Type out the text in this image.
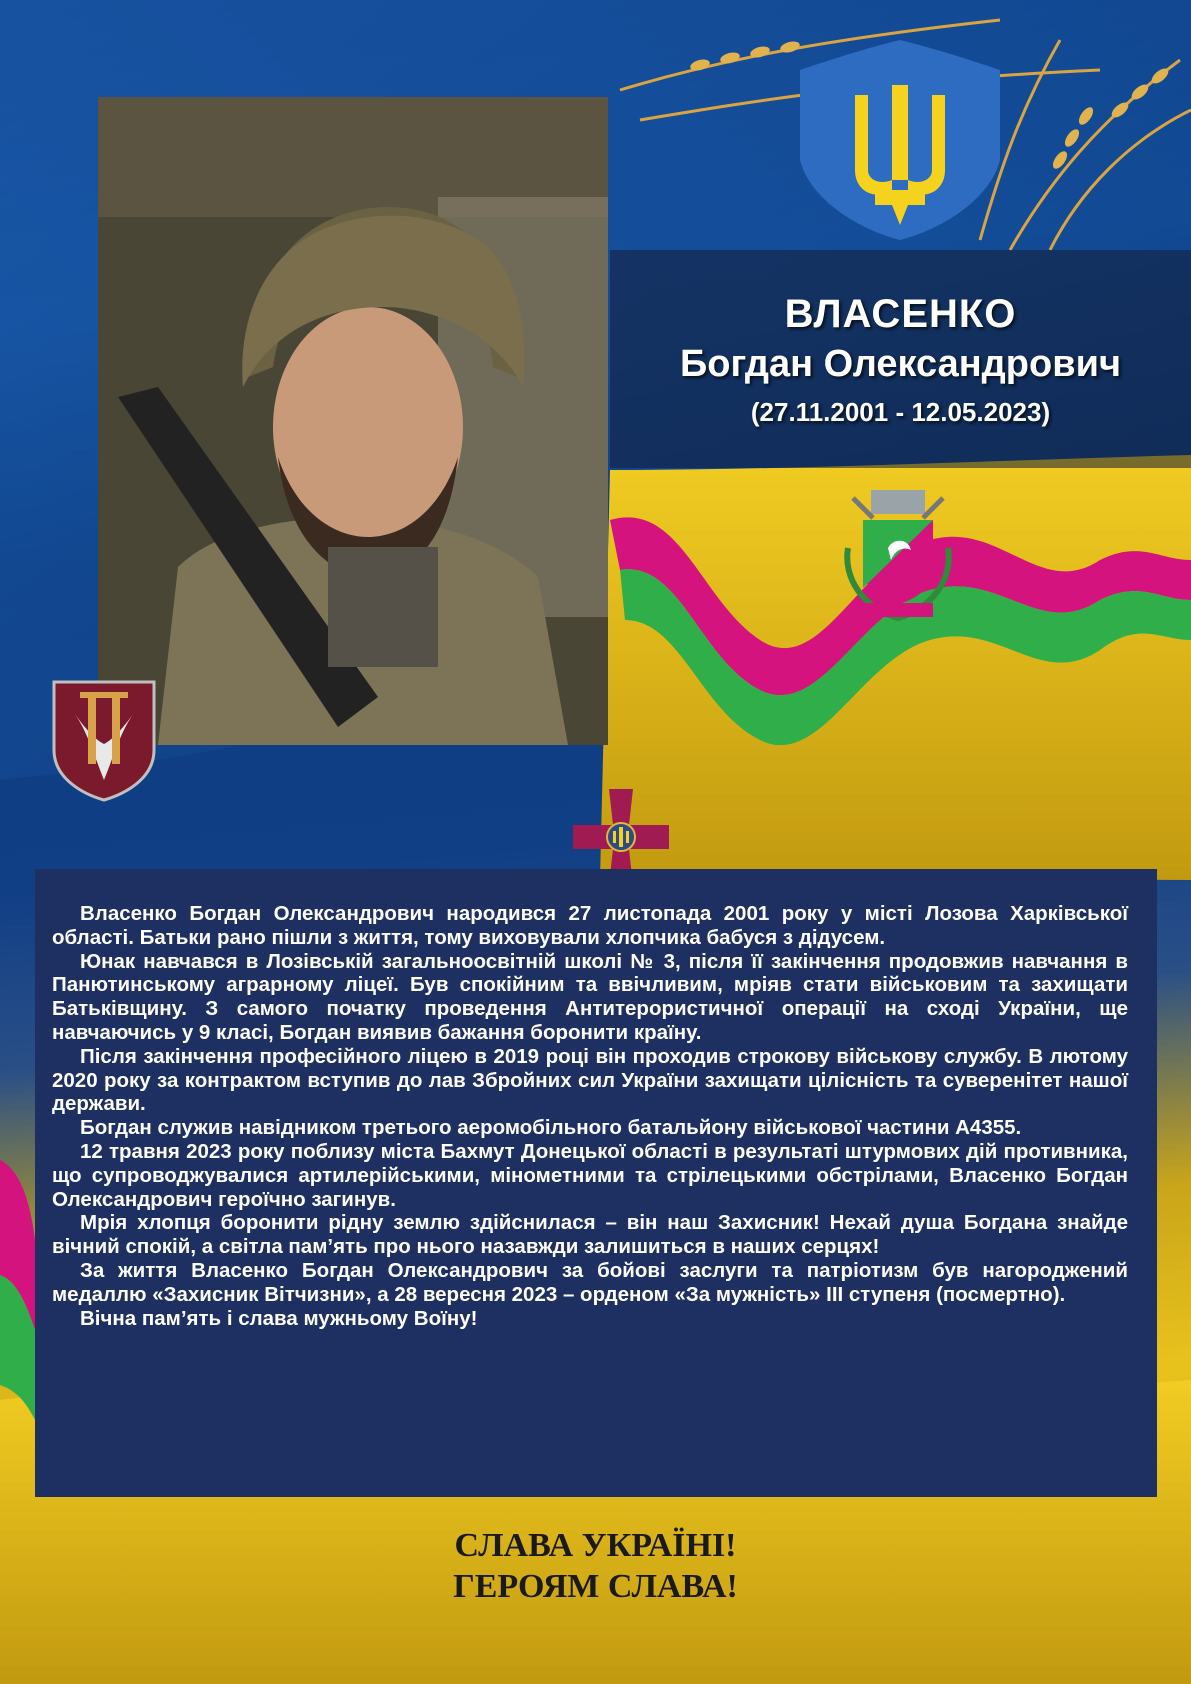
ВЛАСЕНКО
Богдан Олександрович
(27.11.2001 - 12.05.2023)

Власенко Богдан Олександрович народився 27 листопада 2001 року у місті Лозова Харківської області. Батьки рано пішли з життя, тому виховували хлопчика бабуся з дідусем.

Юнак навчався в Лозівській загальноосвітній школі № 3, після її закінчення продовжив навчання в Панютинському аграрному ліцеї. Був спокійним та ввічливим, мріяв стати військовим та захищати Батьківщину. З самого початку проведення Антитерористичної операції на сході України, ще навчаючись у 9 класі, Богдан виявив бажання боронити країну.

Після закінчення професійного ліцею в 2019 році він проходив строкову військову службу. В лютому 2020 року за контрактом вступив до лав Збройних сил України захищати цілісність та суверенітет нашої держави.

Богдан служив навідником третього аеромобільного батальйону військової частини А4355.

12 травня 2023 року поблизу міста Бахмут Донецької області в результаті штурмових дій противника, що супроводжувалися артилерійськими, мінометними та стрілецькими обстрілами, Власенко Богдан Олександрович героїчно загинув.

Мрія хлопця боронити рідну землю здійснилася – він наш Захисник! Нехай душа Богдана знайде вічний спокій, а світла пам’ять про нього назавжди залишиться в наших серцях!

За життя Власенко Богдан Олександрович за бойові заслуги та патріотизм був нагороджений медаллю «Захисник Вітчизни», а 28 вересня 2023 – орденом «За мужність» ІІІ ступеня (посмертно).

Вічна пам’ять і слава мужньому Воїну!

СЛАВА УКРАЇНІ!
ГЕРОЯМ СЛАВА!
